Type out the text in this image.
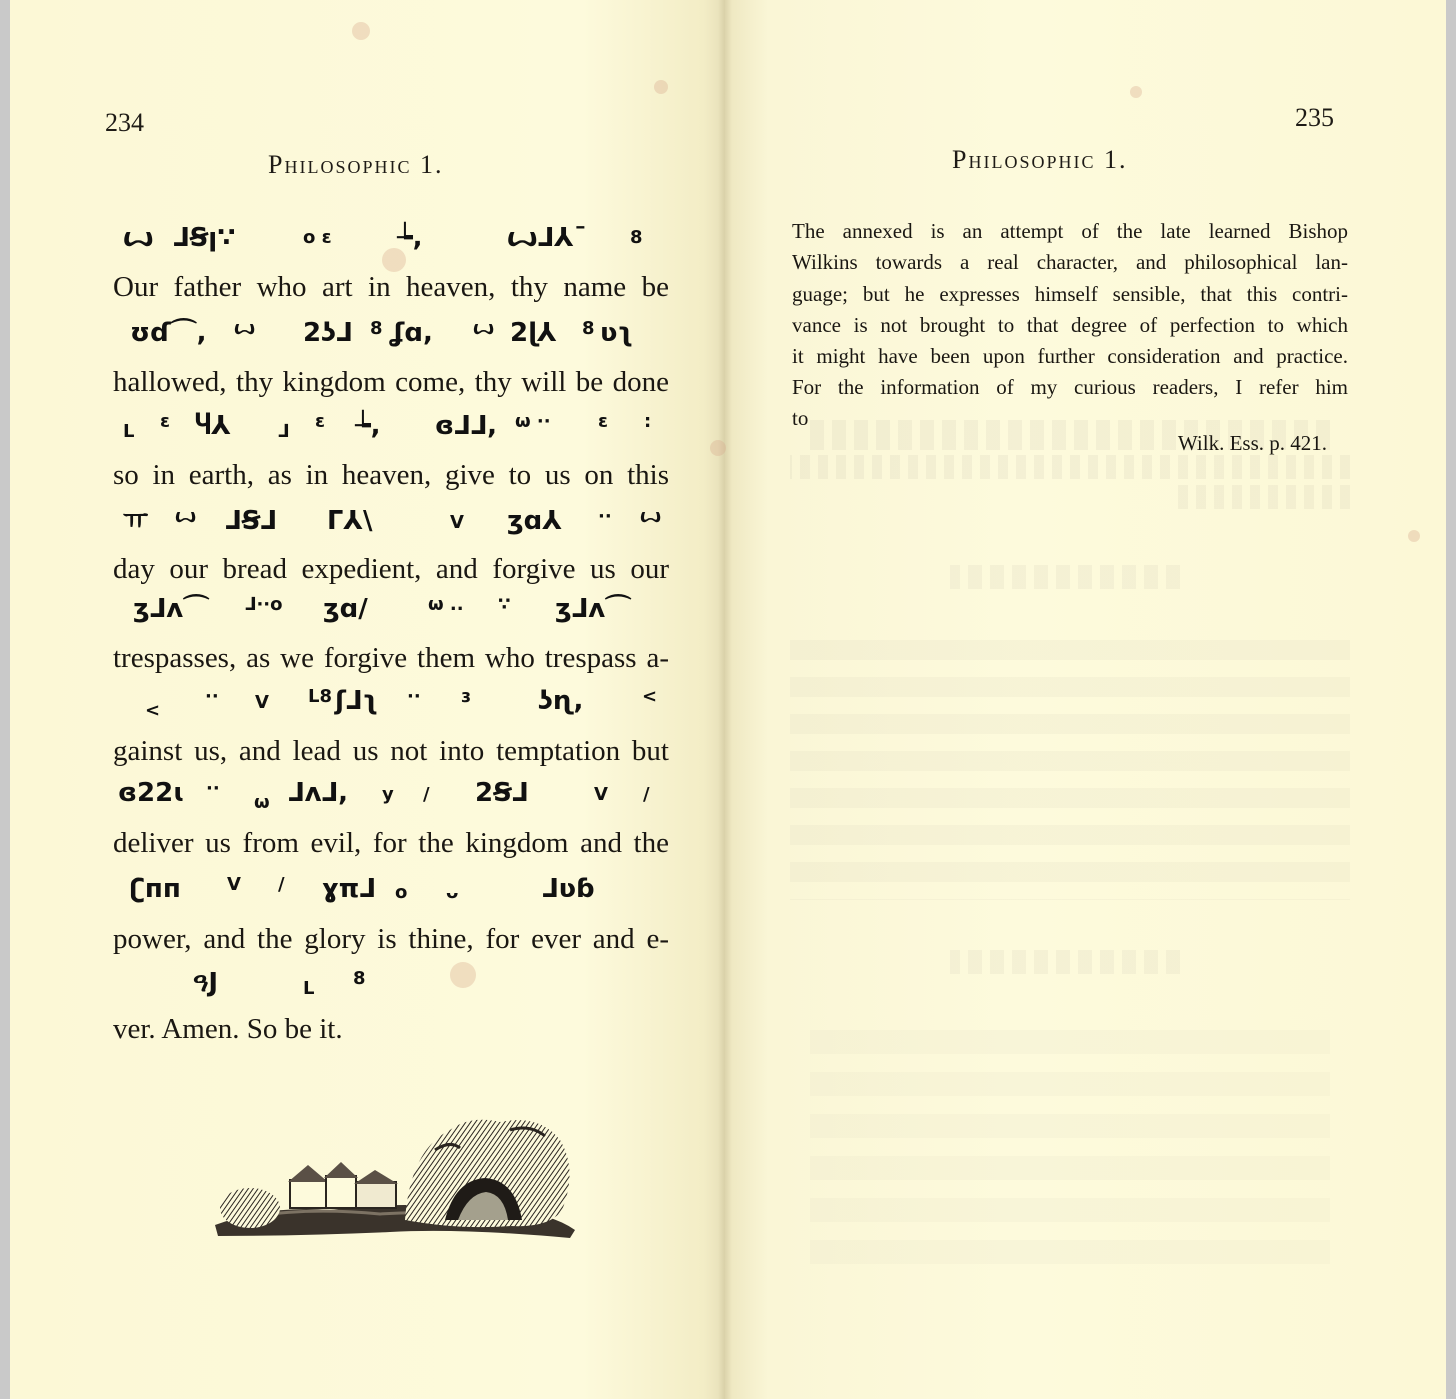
234
Philosophic 1.
ꙍ ⅃Ꞩꞁ∵	o ε	┶,	ꙍ⅃⅄ˉ 8
ʊɗ⌒, ꙍ 2ʖ⅃ 8 ʆɑ, ꙍ 2ɭ⅄ 8 ʋʅ
L ε Ⴗ⅄	⅃ ε ┶, ɞ⅃⅃, ω ··	ε :
ㅠ ꙍ ⅃Ꞩ⅃ ᒥ⅄\	V ʒɑ⅄ ·· ꙍ
ʒ⅃ʌ⌒ ⅃··o ʒɑ/	ω .. ∵ ʒ⅃ʌ⌒
<
·· V L8 ʃ⅃ʅ ·· ɜ	ʖɳ,	<
ɞ22ɩ ··
ω ⅃ʌ⅃, y / 2Ꞩ⅃	V /
ʗпп	V / ɣπ⅃ o ᴗ	⅃ʋɓ
ዓJ	L 8
Our father who art in heaven, thy name be
hallowed, thy kingdom come, thy will be done
so in earth, as in heaven, give to us on this
day our bread expedient, and forgive us our
trespasses, as we forgive them who trespass a-
gainst us, and lead us not into temptation but
deliver us from evil, for the kingdom and the
power, and the glory is thine, for ever and e-
ver. Amen. So be it.
235
Philosophic 1.
The annexed is an attempt of the late learned Bishop
Wilkins towards a real character, and philosophical lan-
guage; but he expresses himself sensible, that this contri-
vance is not brought to that degree of perfection to which
it might have been upon further consideration and practice.
For the information of my curious readers, I refer him
to
Wilk. Ess. p. 421.
